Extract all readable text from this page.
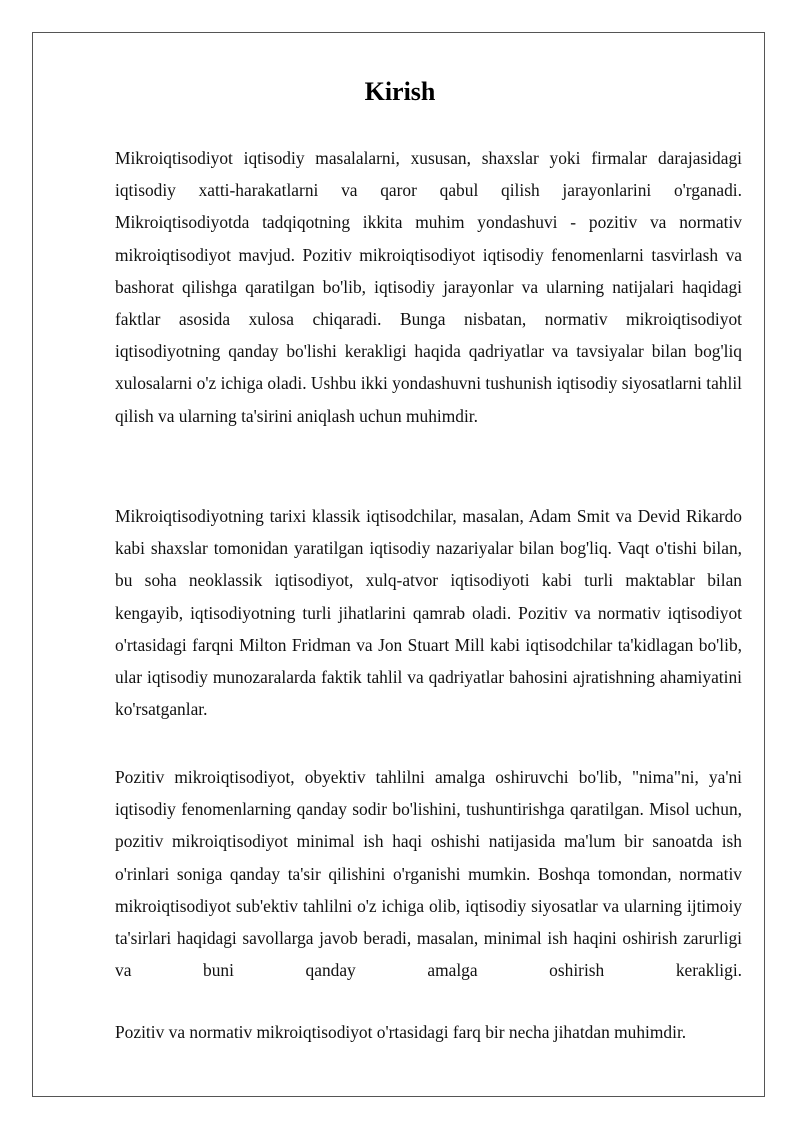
Kirish

Mikroiqtisodiyot iqtisodiy masalalarni, xususan, shaxslar yoki firmalar darajasidagi iqtisodiy xatti-harakatlarni va qaror qabul qilish jarayonlarini o'rganadi. Mikroiqtisodiyotda tadqiqotning ikkita muhim yondashuvi - pozitiv va normativ mikroiqtisodiyot mavjud. Pozitiv mikroiqtisodiyot iqtisodiy fenomenlarni tasvirlash va bashorat qilishga qaratilgan bo'lib, iqtisodiy jarayonlar va ularning natijalari haqidagi faktlar asosida xulosa chiqaradi. Bunga nisbatan, normativ mikroiqtisodiyot iqtisodiyotning qanday bo'lishi kerakligi haqida qadriyatlar va tavsiyalar bilan bog'liq xulosalarni o'z ichiga oladi. Ushbu ikki yondashuvni tushunish iqtisodiy siyosatlarni tahlil qilish va ularning ta'sirini aniqlash uchun muhimdir.

Mikroiqtisodiyotning tarixi klassik iqtisodchilar, masalan, Adam Smit va Devid Rikardo kabi shaxslar tomonidan yaratilgan iqtisodiy nazariyalar bilan bog'liq. Vaqt o'tishi bilan, bu soha neoklassik iqtisodiyot, xulq-atvor iqtisodiyoti kabi turli maktablar bilan kengayib, iqtisodiyotning turli jihatlarini qamrab oladi. Pozitiv va normativ iqtisodiyot o'rtasidagi farqni Milton Fridman va Jon Stuart Mill kabi iqtisodchilar ta'kidlagan bo'lib, ular iqtisodiy munozaralarda faktik tahlil va qadriyatlar bahosini ajratishning ahamiyatini ko'rsatganlar.

Pozitiv mikroiqtisodiyot, obyektiv tahlilni amalga oshiruvchi bo'lib, "nima"ni, ya'ni iqtisodiy fenomenlarning qanday sodir bo'lishini, tushuntirishga qaratilgan. Misol uchun, pozitiv mikroiqtisodiyot minimal ish haqi oshishi natijasida ma'lum bir sanoatda ish o'rinlari soniga qanday ta'sir qilishini o'rganishi mumkin. Boshqa tomondan, normativ mikroiqtisodiyot sub'ektiv tahlilni o'z ichiga olib, iqtisodiy siyosatlar va ularning ijtimoiy ta'sirlari haqidagi savollarga javob beradi, masalan, minimal ish haqini oshirish zarurligi va buni qanday amalga oshirish kerakligi.

Pozitiv va normativ mikroiqtisodiyot o'rtasidagi farq bir necha jihatdan muhimdir.
